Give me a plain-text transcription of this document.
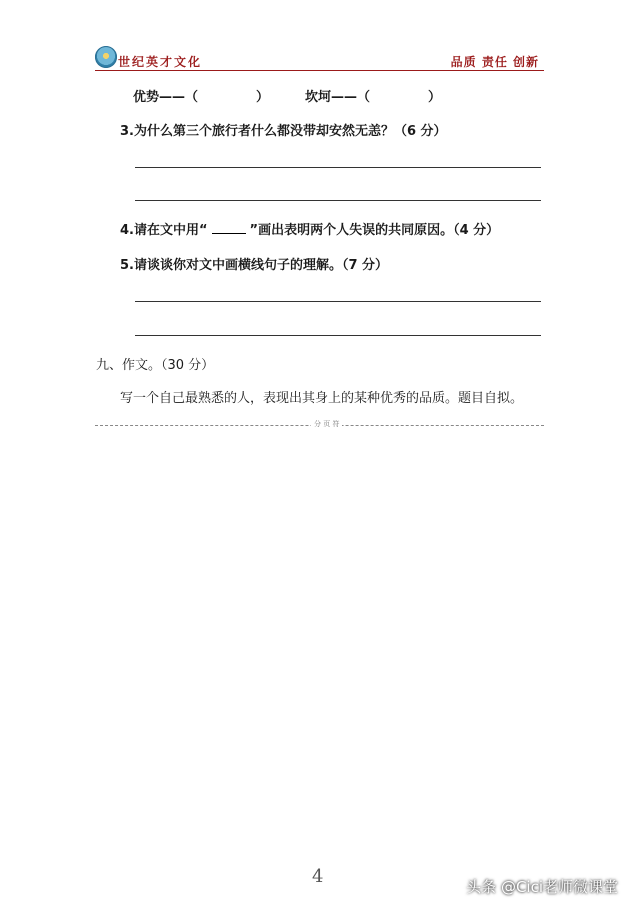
世纪英才文化	品质 责任 创新
优势——（	）	坎坷——（	）
3.为什么第三个旅行者什么都没带却安然无恙？（6 分）
4.请在文中用“	”画出表明两个人失误的共同原因。（4 分）
5.请谈谈你对文中画横线句子的理解。（7 分）
九、作文。（30 分）
写一个自己最熟悉的人，表现出其身上的某种优秀的品质。题目自拟。
分 页 符
4	头条 @Cici老师微课堂
